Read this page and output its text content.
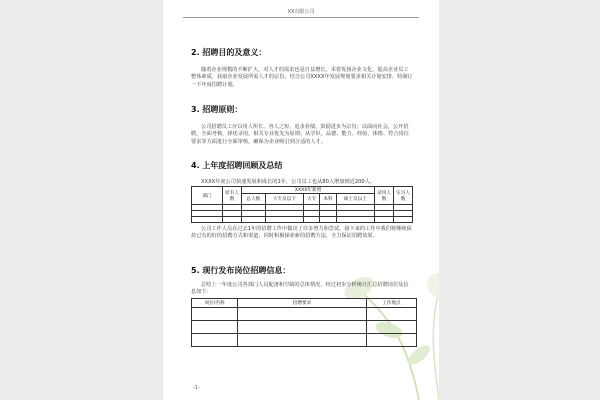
XX有限公司
2. 招聘目的及意义：
随着企业规模的不断扩大，对人才的需求也是日益增长。本着发扬企业文化，提高企业员工整体素质，获取企业发展所需人才的宗旨，结合公司XXXX年发展规划要求相关计划安排，特制订一下年度招聘计划。
3. 招聘原则：
公司招聘员工应以用人所长、容人之短、追求业绩、鼓励进步为宗旨；以面向社会，公开招聘，全面考核，择优录用，相关专业优先为原则；从学识、品德、能力、经验、体格、符合岗位要求等方面进行全面审核，确保为企业吸引到合适的人才。
4. 上年度招聘回顾及总结
XXXX年度公司快速发展和成长的1年，公司员工也从80人增加到近200人。
部门	原有人数	XXXX年新增					试用人数	实习人数
		总人数	大专及以下	大专	本科	硕士及以上		

公司工作人员在过去1年的招聘工作中做出了许多努力和尝试，接下来的工作中我们将继续保持已有的好的招聘方式和渠道，同时积极探索新的招聘方法，全力保证招聘效果。
5. 现行发布岗位招聘信息：
总结上一年度公司各部门人员配备和空缺的总体情况，经过初步分析统计汇总招聘岗位及信息如下：
岗位/名称	招聘要求	工作地点

-1-
